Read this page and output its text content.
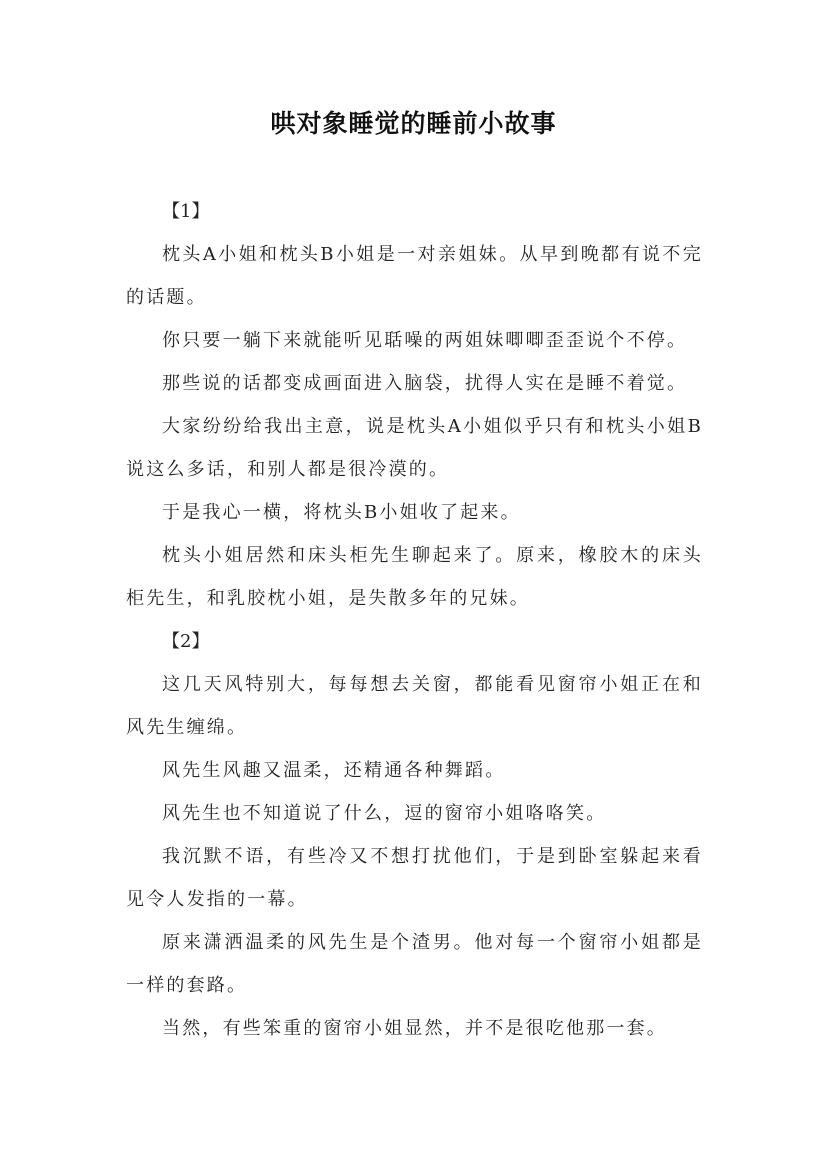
哄对象睡觉的睡前小故事

【1】

枕头A小姐和枕头B小姐是一对亲姐妹。从早到晚都有说不完的话题。

你只要一躺下来就能听见聒噪的两姐妹唧唧歪歪说个不停。

那些说的话都变成画面进入脑袋，扰得人实在是睡不着觉。

大家纷纷给我出主意，说是枕头A小姐似乎只有和枕头小姐B说这么多话，和别人都是很冷漠的。

于是我心一横，将枕头B小姐收了起来。

枕头小姐居然和床头柜先生聊起来了。原来，橡胶木的床头柜先生，和乳胶枕小姐，是失散多年的兄妹。

【2】

这几天风特别大，每每想去关窗，都能看见窗帘小姐正在和风先生缠绵。

风先生风趣又温柔，还精通各种舞蹈。

风先生也不知道说了什么，逗的窗帘小姐咯咯笑。

我沉默不语，有些冷又不想打扰他们，于是到卧室躲起来看见令人发指的一幕。

原来潇洒温柔的风先生是个渣男。他对每一个窗帘小姐都是一样的套路。

当然，有些笨重的窗帘小姐显然，并不是很吃他那一套。
